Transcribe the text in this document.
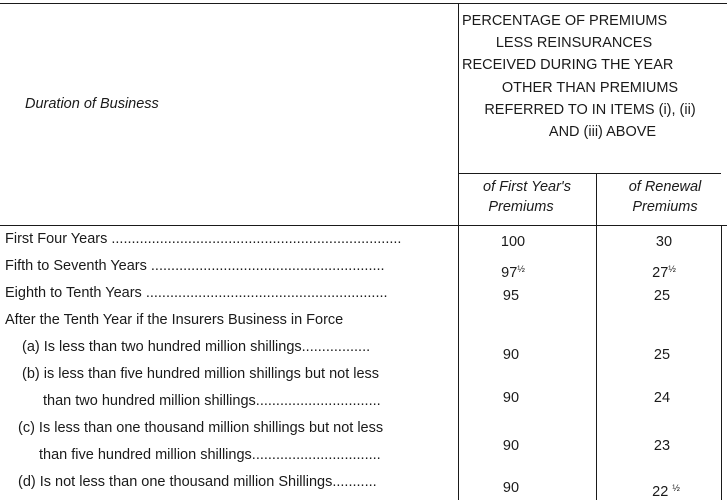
Duration of Business
PERCENTAGE OF PREMIUMS
LESS REINSURANCES
RECEIVED DURING THE YEAR
OTHER THAN PREMIUMS
REFERRED TO IN ITEMS (i), (ii)
AND (iii) ABOVE
of First Year's
Premiums
of Renewal
Premiums
First Four Years ........................................................................
Fifth to Seventh Years ..........................................................
Eighth to Tenth Years ............................................................
After the Tenth Year if the Insurers Business in Force
(a) Is less than two hundred million shillings.................
(b) is less than five hundred million shillings but not less
than two hundred million shillings...............................
(c) Is less than one thousand million shillings but not less
than five hundred million shillings................................
(d) Is not less than one thousand million Shillings...........
100
$97^{\frac{1}{2}}$
95
90
90
90
90
30
$27^{\frac{1}{2}}$
25
25
24
23
22 $^{\frac{1}{2}}$
